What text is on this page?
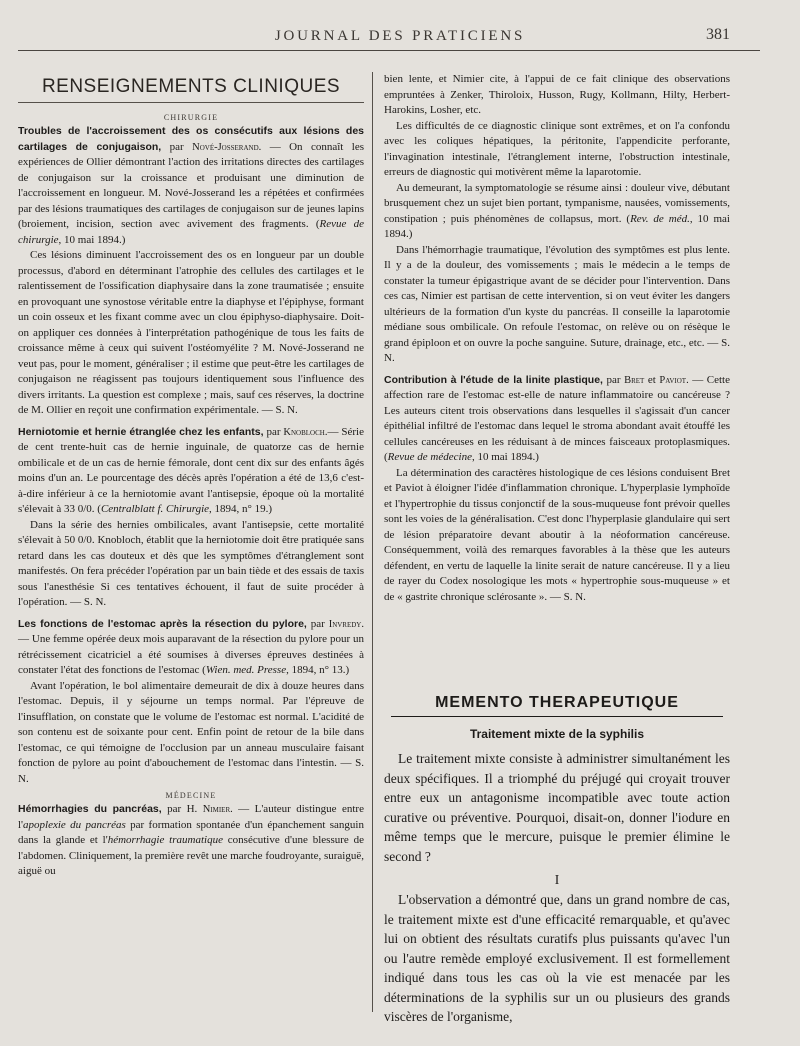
JOURNAL DES PRATICIENS	381
RENSEIGNEMENTS CLINIQUES
CHIRURGIE

Troubles de l'accroissement des os consécutifs aux lésions des cartilages de conjugaison, par Nové-Josserand. — On connaît les expériences de Ollier démontrant l'action des irritations directes des cartilages de conjugaison sur la croissance et produisant une diminution de l'accroissement en longueur. M. Nové-Josserand les a répétées et confirmées par des lésions traumatiques des cartilages de conjugaison sur de jeunes lapins (broiement, incision, section avec avivement des fragments. (Revue de chirurgie, 10 mai 1894.)

Ces lésions diminuent l'accroissement des os en longueur par un double processus, d'abord en déterminant l'atrophie des cellules des cartilages et le ralentissement de l'ossification diaphysaire dans la zone traumatisée ; ensuite en provoquant une synostose véritable entre la diaphyse et l'épiphyse, formant un coin osseux et les fixant comme avec un clou épiphyso-diaphysaire. Doit-on appliquer ces données à l'interprétation pathogénique de tous les faits de croissance même à ceux qui suivent l'ostéomyélite ? M. Nové-Josserand ne veut pas, pour le moment, généraliser ; il estime que peut-être les cartilages de conjugaison ne réagissent pas toujours identiquement sous l'influence des divers irritants. La question est complexe ; mais, sauf ces réserves, la doctrine de M. Ollier en reçoit une confirmation expérimentale. — S. N.

Herniotomie et hernie étranglée chez les enfants, par Knobloch.— Série de cent trente-huit cas de hernie inguinale, de quatorze cas de hernie ombilicale et de un cas de hernie fémorale, dont cent dix sur des enfants âgés moins d'un an. Le pourcentage des décès après l'opération a été de 13,6 c'est-à-dire inférieur à ce la herniotomie avant l'antisepsie, époque où la mortalité s'élevait à 33 0/0. (Centralblatt f. Chirurgie, 1894, n° 19.)

Dans la série des hernies ombilicales, avant l'antisepsie, cette mortalité s'élevait à 50 0/0. Knobloch, établit que la herniotomie doit être pratiquée sans retard dans les cas douteux et dès que les symptômes d'étranglement sont manifestés. On fera précéder l'opération par un bain tiède et des essais de taxis sous l'anesthésie Si ces tentatives échouent, il faut de suite procéder à l'opération. — S. N.

Les fonctions de l'estomac après la résection du pylore, par Invredy. — Une femme opérée deux mois auparavant de la résection du pylore pour un rétrécissement cicatriciel a été soumises à diverses épreuves destinées à constater l'état des fonctions de l'estomac (Wien. med. Presse, 1894, n° 13.)

Avant l'opération, le bol alimentaire demeurait de dix à douze heures dans l'estomac. Depuis, il y séjourne un temps normal. Par l'épreuve de l'insufflation, on constate que le volume de l'estomac est normal. L'acidité de son contenu est de soixante pour cent. Enfin point de retour de la bile dans l'estomac, ce qui témoigne de l'occlusion par un anneau musculaire faisant fonction de pylore au point d'abouchement de l'estomac dans l'intestin. — S. N.

MÉDECINE

Hémorrhagies du pancréas, par H. Nimier. — L'auteur distingue entre l'apoplexie du pancréas par formation spontanée d'un épanchement sanguin dans la glande et l'hémorrhagie traumatique consécutive d'une blessure de l'abdomen. Cliniquement, la première revêt une marche foudroyante, suraiguë, aiguë ou

bien lente, et Nimier cite, à l'appui de ce fait clinique des observations empruntées à Zenker, Thiroloix, Husson, Rugy, Kollmann, Hilty, Herbert-Harokins, Losher, etc.

Les difficultés de ce diagnostic clinique sont extrêmes, et on l'a confondu avec les coliques hépatiques, la péritonite, l'appendicite perforante, l'invagination intestinale, l'étranglement interne, l'obstruction intestinale, erreurs de diagnostic qui motivèrent même la laparotomie.

Au demeurant, la symptomatologie se résume ainsi : douleur vive, débutant brusquement chez un sujet bien portant, tympanisme, nausées, vomissements, constipation ; puis phénomènes de collapsus, mort. (Rev. de méd., 10 mai 1894.)

Dans l'hémorrhagie traumatique, l'évolution des symptômes est plus lente. Il y a de la douleur, des vomissements ; mais le médecin a le temps de constater la tumeur épigastrique avant de se décider pour l'intervention. Dans ces cas, Nimier est partisan de cette intervention, si on veut éviter les dangers ultérieurs de la formation d'un kyste du pancréas. Il conseille la laparotomie médiane sous ombilicale. On refoule l'estomac, on relève ou on résèque le grand épiploon et on ouvre la poche sanguine. Suture, drainage, etc., etc. — S. N.

Contribution à l'étude de la linite plastique, par Bret et Paviot. — Cette affection rare de l'estomac est-elle de nature inflammatoire ou cancéreuse ? Les auteurs citent trois observations dans lesquelles il s'agissait d'un cancer épithélial infiltré de l'estomac dans lequel le stroma abondant avait étouffé les cellules cancéreuses en les réduisant à de minces faisceaux protoplasmiques. (Revue de médecine, 10 mai 1894.)

La détermination des caractères histologique de ces lésions conduisent Bret et Paviot à éloigner l'idée d'inflammation chronique. L'hyperplasie lymphoïde et l'hypertrophie du tissus conjonctif de la sous-muqueuse font prévoir quelles sont les voies de la généralisation. C'est donc l'hyperplasie glandulaire qui sert de lésion préparatoire devant aboutir à la néoformation cancéreuse. Conséquemment, voilà des remarques favorables à la thèse que les auteurs défendent, en vertu de laquelle la linite serait de nature cancéreuse. Il y a lieu de rayer du Codex nosologique les mots « hypertrophie sous-muqueuse » et de « gastrite chronique sclérosante ». — S. N.

MEMENTO THERAPEUTIQUE
Traitement mixte de la syphilis

Le traitement mixte consiste à administrer simultanément les deux spécifiques. Il a triomphé du préjugé qui croyait trouver entre eux un antagonisme incompatible avec toute action curative ou préventive. Pourquoi, disait-on, donner l'iodure en même temps que le mercure, puisque le premier élimine le second ?

I

L'observation a démontré que, dans un grand nombre de cas, le traitement mixte est d'une efficacité remarquable, et qu'avec lui on obtient des résultats curatifs plus puissants qu'avec l'un ou l'autre remède employé exclusivement. Il est formellement indiqué dans tous les cas où la vie est menacée par les déterminations de la syphilis sur un ou plusieurs des grands viscères de l'organisme,
